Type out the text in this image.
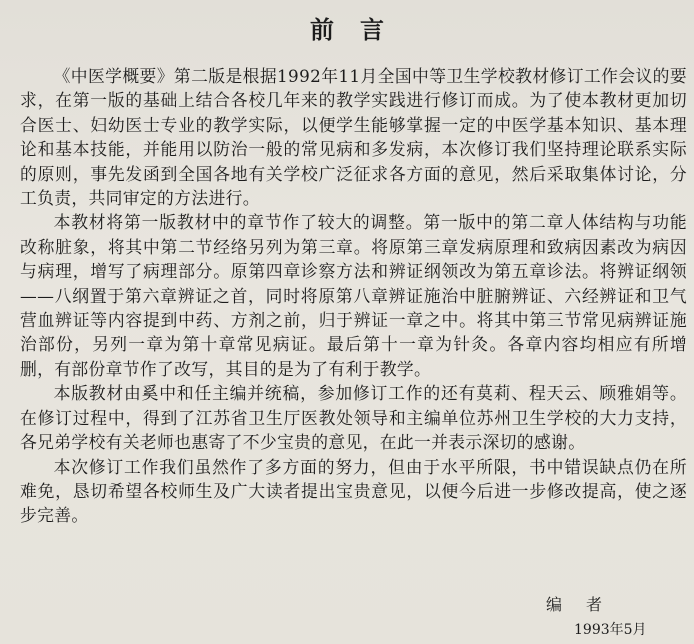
前言

《中医学概要》第二版是根据1992年11月全国中等卫生学校教材修订工作会议的要求，在第一版的基础上结合各校几年来的教学实践进行修订而成。为了使本教材更加切合医士、妇幼医士专业的教学实际，以便学生能够掌握一定的中医学基本知识、基本理论和基本技能，并能用以防治一般的常见病和多发病，本次修订我们坚持理论联系实际的原则，事先发函到全国各地有关学校广泛征求各方面的意见，然后采取集体讨论，分工负责，共同审定的方法进行。

本教材将第一版教材中的章节作了较大的调整。第一版中的第二章人体结构与功能改称脏象，将其中第二节经络另列为第三章。将原第三章发病原理和致病因素改为病因与病理，增写了病理部分。原第四章诊察方法和辨证纲领改为第五章诊法。将辨证纲领——八纲置于第六章辨证之首，同时将原第八章辨证施治中脏腑辨证、六经辨证和卫气营血辨证等内容提到中药、方剂之前，归于辨证一章之中。将其中第三节常见病辨证施治部份，另列一章为第十章常见病证。最后第十一章为针灸。各章内容均相应有所增删，有部份章节作了改写，其目的是为了有利于教学。

本版教材由奚中和任主编并统稿，参加修订工作的还有莫莉、程天云、顾雅娟等。在修订过程中，得到了江苏省卫生厅医教处领导和主编单位苏州卫生学校的大力支持，各兄弟学校有关老师也惠寄了不少宝贵的意见，在此一并表示深切的感谢。

本次修订工作我们虽然作了多方面的努力，但由于水平所限，书中错误缺点仍在所难免，恳切希望各校师生及广大读者提出宝贵意见，以便今后进一步修改提高，使之逐步完善。

编者
1993年5月
